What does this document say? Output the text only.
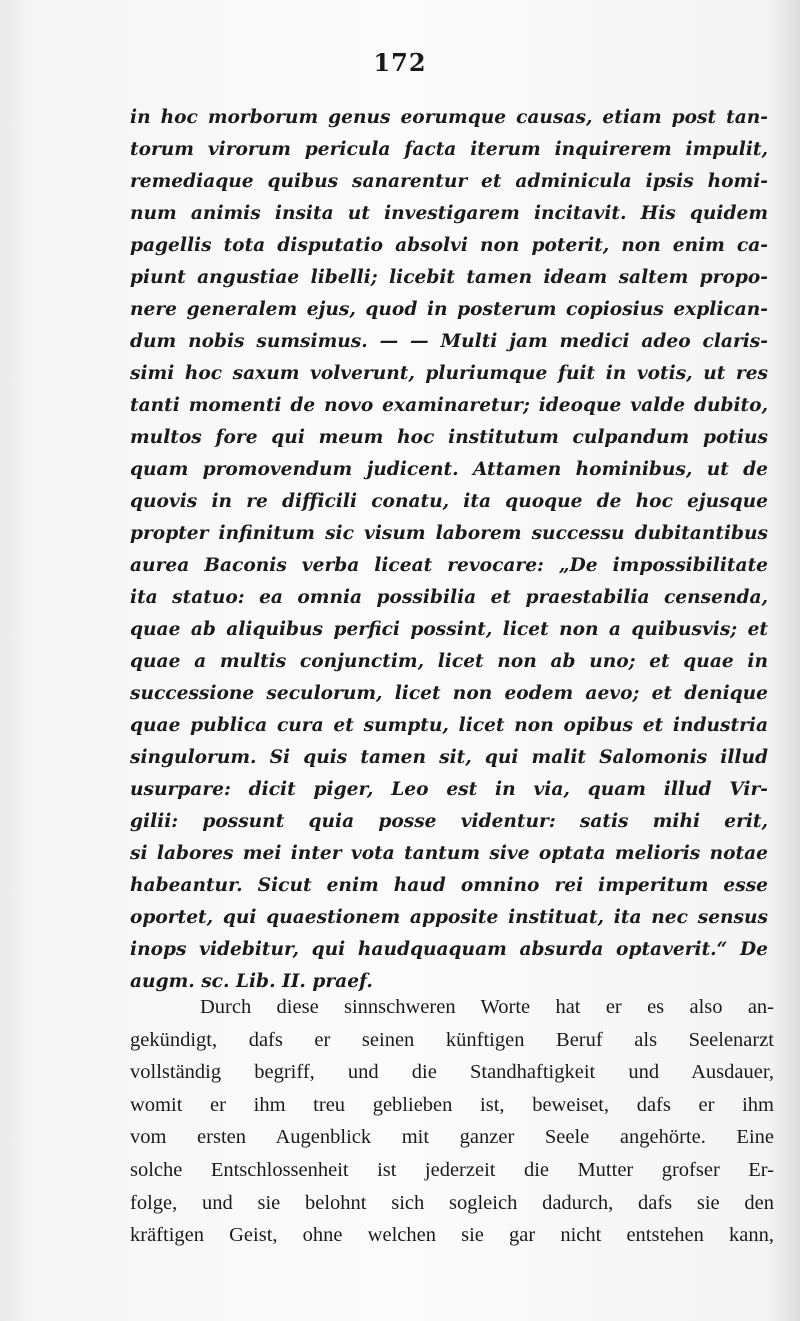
172
in hoc morborum genus eorumque causas, etiam post tan-
torum virorum pericula facta iterum inquirerem impulit,
remediaque quibus sanarentur et adminicula ipsis homi-
num animis insita ut investigarem incitavit. His quidem
pagellis tota disputatio absolvi non poterit, non enim ca-
piunt angustiae libelli; licebit tamen ideam saltem propo-
nere generalem ejus, quod in posterum copiosius explican-
dum nobis sumsimus. — — Multi jam medici adeo claris-
simi hoc saxum volverunt, pluriumque fuit in votis, ut res
tanti momenti de novo examinaretur; ideoque valde dubito,
multos fore qui meum hoc institutum culpandum potius
quam promovendum judicent. Attamen hominibus, ut de
quovis in re difficili conatu, ita quoque de hoc ejusque
propter infinitum sic visum laborem successu dubitantibus
aurea Baconis verba liceat revocare: „De impossibilitate
ita statuo: ea omnia possibilia et praestabilia censenda,
quae ab aliquibus perfici possint, licet non a quibusvis; et
quae a multis conjunctim, licet non ab uno; et quae in
successione seculorum, licet non eodem aevo; et denique
quae publica cura et sumptu, licet non opibus et industria
singulorum. Si quis tamen sit, qui malit Salomonis illud
usurpare: dicit piger, Leo est in via, quam illud Vir-
gilii: possunt quia posse videntur: satis mihi erit,
si labores mei inter vota tantum sive optata melioris notae
habeantur. Sicut enim haud omnino rei imperitum esse
oportet, qui quaestionem apposite instituat, ita nec sensus
inops videbitur, qui haudquaquam absurda optaverit.“ De
augm. sc. Lib. II. praef.
Durch diese sinnschweren Worte hat er es also an-
gekündigt, dafs er seinen künftigen Beruf als Seelenarzt
vollständig begriff, und die Standhaftigkeit und Ausdauer,
womit er ihm treu geblieben ist, beweiset, dafs er ihm
vom ersten Augenblick mit ganzer Seele angehörte. Eine
solche Entschlossenheit ist jederzeit die Mutter grofser Er-
folge, und sie belohnt sich sogleich dadurch, dafs sie den
kräftigen Geist, ohne welchen sie gar nicht entstehen kann,
